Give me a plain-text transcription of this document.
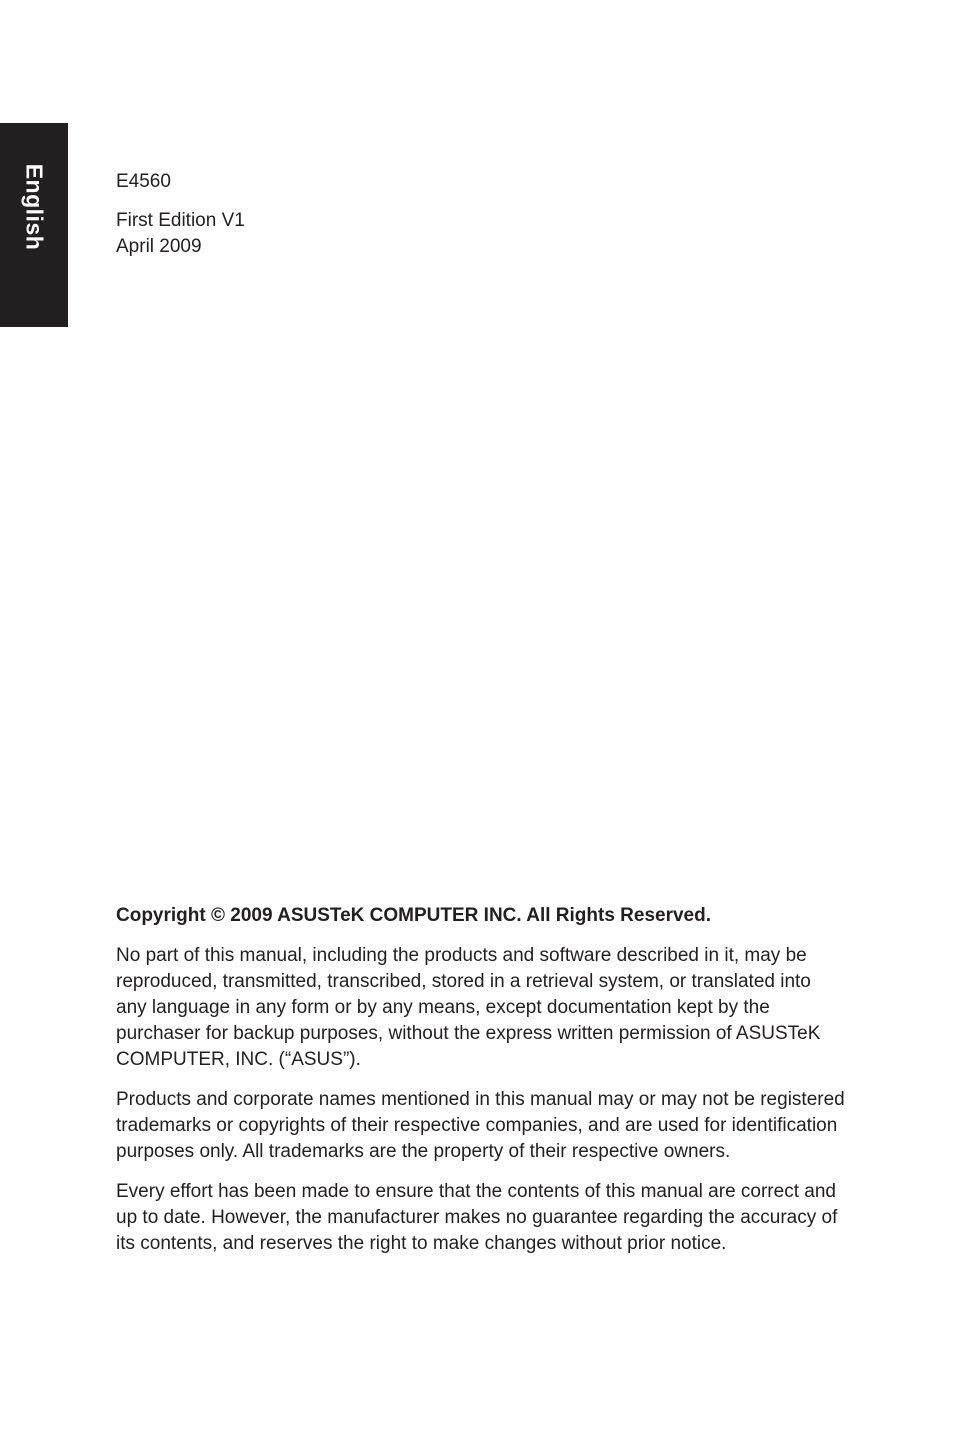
English	E4560

First Edition V1

April 2009

Copyright © 2009 ASUSTeK COMPUTER INC. All Rights Reserved.

No part of this manual, including the products and software described in it, may be reproduced, transmitted, transcribed, stored in a retrieval system, or translated into any language in any form or by any means, except documentation kept by the purchaser for backup purposes, without the express written permission of ASUSTeK COMPUTER, INC. (“ASUS”).

Products and corporate names mentioned in this manual may or may not be registered trademarks or copyrights of their respective companies, and are used for identification purposes only. All trademarks are the property of their respective owners.

Every effort has been made to ensure that the contents of this manual are correct and up to date. However, the manufacturer makes no guarantee regarding the accuracy of its contents, and reserves the right to make changes without prior notice.
